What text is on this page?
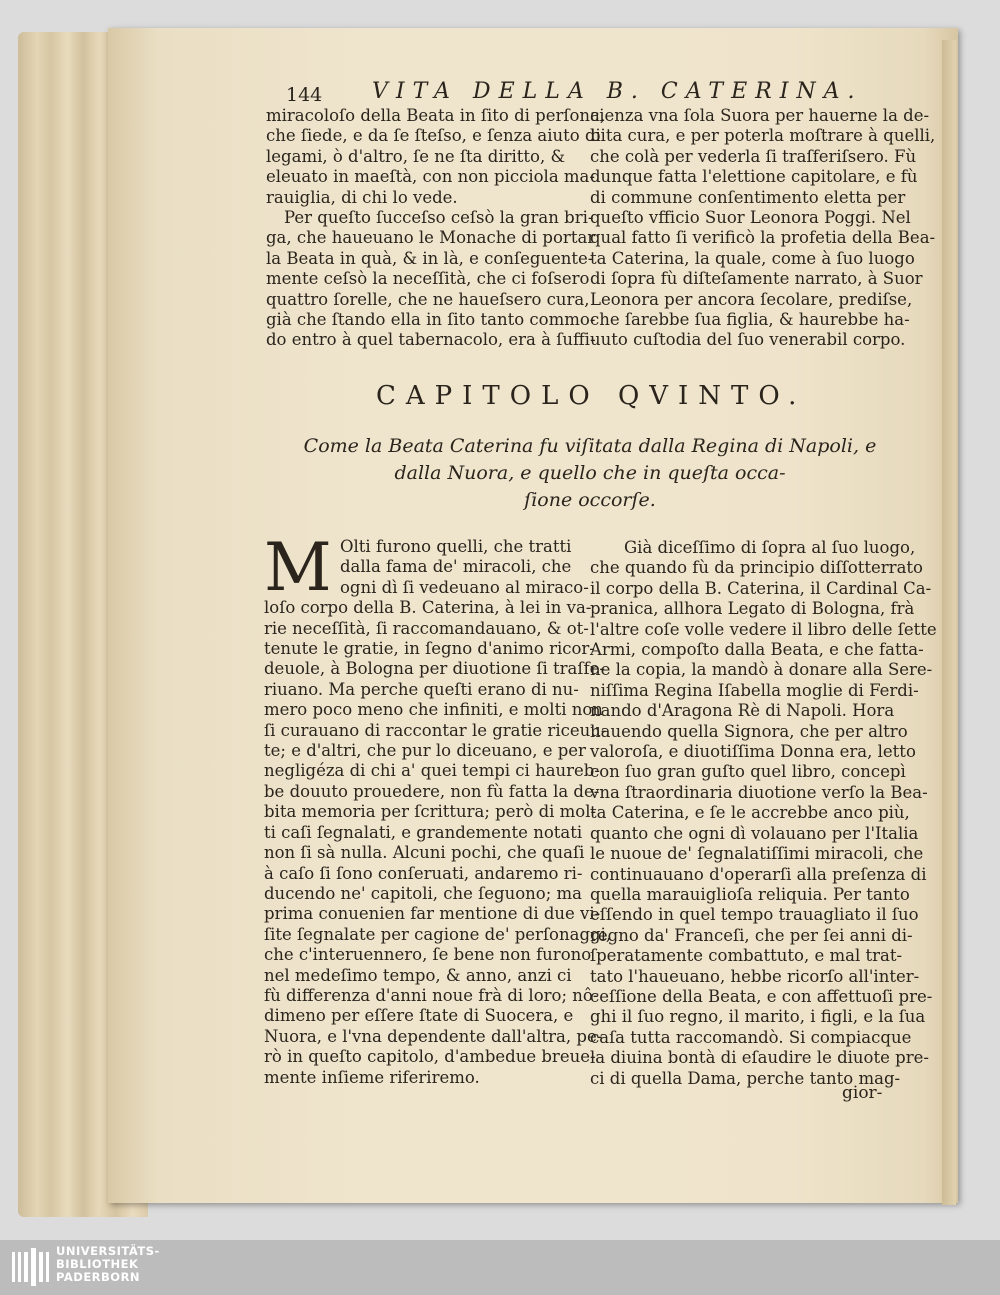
144 VITA DELLA B. CATERINA.
miracoloſo della Beata in ſito di perſona,
che ſiede, e da ſe ſteſso, e ſenza aiuto di
legami, ò d'altro, ſe ne ſta diritto, &
eleuato in maeſtà, con non picciola ma-
rauiglia, di chi lo vede.
Per queſto ſucceſso ceſsò la gran bri-
ga, che haueuano le Monache di portar
la Beata in quà, & in là, e conſeguente-
mente ceſsò la neceſſità, che ci foſsero
quattro ſorelle, che ne haueſsero cura,
già che ſtando ella in ſito tanto commo-
do entro à quel tabernacolo, era à ſuffi-
cienza vna ſola Suora per hauerne la de-
bita cura, e per poterla moſtrare à quelli,
che colà per vederla ſi traſferiſsero. Fù
dunque fatta l'elettione capitolare, e fù
di commune conſentimento eletta per
queſto vfficio Suor Leonora Poggi. Nel
qual fatto ſi verificò la profetia della Bea-
ta Caterina, la quale, come à ſuo luogo
di ſopra fù diſteſamente narrato, à Suor
Leonora per ancora ſecolare, prediſse,
che ſarebbe ſua figlia, & haurebbe ha-
uuto cuſtodia del ſuo venerabil corpo.
CAPITOLO QVINTO.
Come la Beata Caterina fu viſitata dalla Regina di Napoli, e
dalla Nuora, e quello che in queſta occa-
ſione occorſe.
M Olti furono quelli, che tratti
dalla fama de' miracoli, che
ogni dì ſi vedeuano al miraco-
loſo corpo della B. Caterina, à lei in va-
rie neceſſità, ſi raccomandauano, & ot-
tenute le gratie, in ſegno d'animo ricor-
deuole, à Bologna per diuotione ſi traſfe-
riuano. Ma perche queſti erano di nu-
mero poco meno che infiniti, e molti non
ſi curauano di raccontar le gratie riceuu-
te; e d'altri, che pur lo diceuano, e per
negligéza di chi a' quei tempi ci haureb-
be douuto prouedere, non fù fatta la de-
bita memoria per ſcrittura; però di mol-
ti caſi ſegnalati, e grandemente notati
non ſi sà nulla. Alcuni pochi, che quaſi
à caſo ſi ſono conſeruati, andaremo ri-
ducendo ne' capitoli, che ſeguono; ma
prima conuenien far mentione di due vi-
ſite ſegnalate per cagione de' perſonaggi,
che c'interuennero, ſe bene non furono
nel medeſimo tempo, & anno, anzi ci
fù differenza d'anni noue frà di loro; nô-
dimeno per eſſere ſtate di Suocera, e
Nuora, e l'vna dependente dall'altra, pe-
rò in queſto capitolo, d'ambedue breue-
mente inſieme riferiremo.
Già diceſſimo di ſopra al ſuo luogo,
che quando fù da principio diſſotterrato
il corpo della B. Caterina, il Cardinal Ca-
pranica, allhora Legato di Bologna, frà
l'altre coſe volle vedere il libro delle ſette
Armi, compoſto dalla Beata, e che fatta-
ne la copia, la mandò à donare alla Sere-
niſſima Regina Iſabella moglie di Ferdi-
nando d'Aragona Rè di Napoli. Hora
hauendo quella Signora, che per altro
valoroſa, e diuotiſſima Donna era, letto
con ſuo gran guſto quel libro, concepì
vna ſtraordinaria diuotione verſo la Bea-
ta Caterina, e ſe le accrebbe anco più,
quanto che ogni dì volauano per l'Italia
le nuoue de' ſegnalatiſſimi miracoli, che
continuauano d'operarſi alla preſenza di
quella marauiglioſa reliquia. Per tanto
eſſendo in quel tempo trauagliato il ſuo
regno da' Franceſi, che per ſei anni di-
ſperatamente combattuto, e mal trat-
tato l'haueuano, hebbe ricorſo all'inter-
ceſſione della Beata, e con affettuoſi pre-
ghi il ſuo regno, il marito, i figli, e la ſua
caſa tutta raccomandò. Si compiacque
la diuina bontà di eſaudire le diuote pre-
ci di quella Dama, perche tanto mag-
gior-
UNIVERSITÄTS-
BIBLIOTHEK
PADERBORN
